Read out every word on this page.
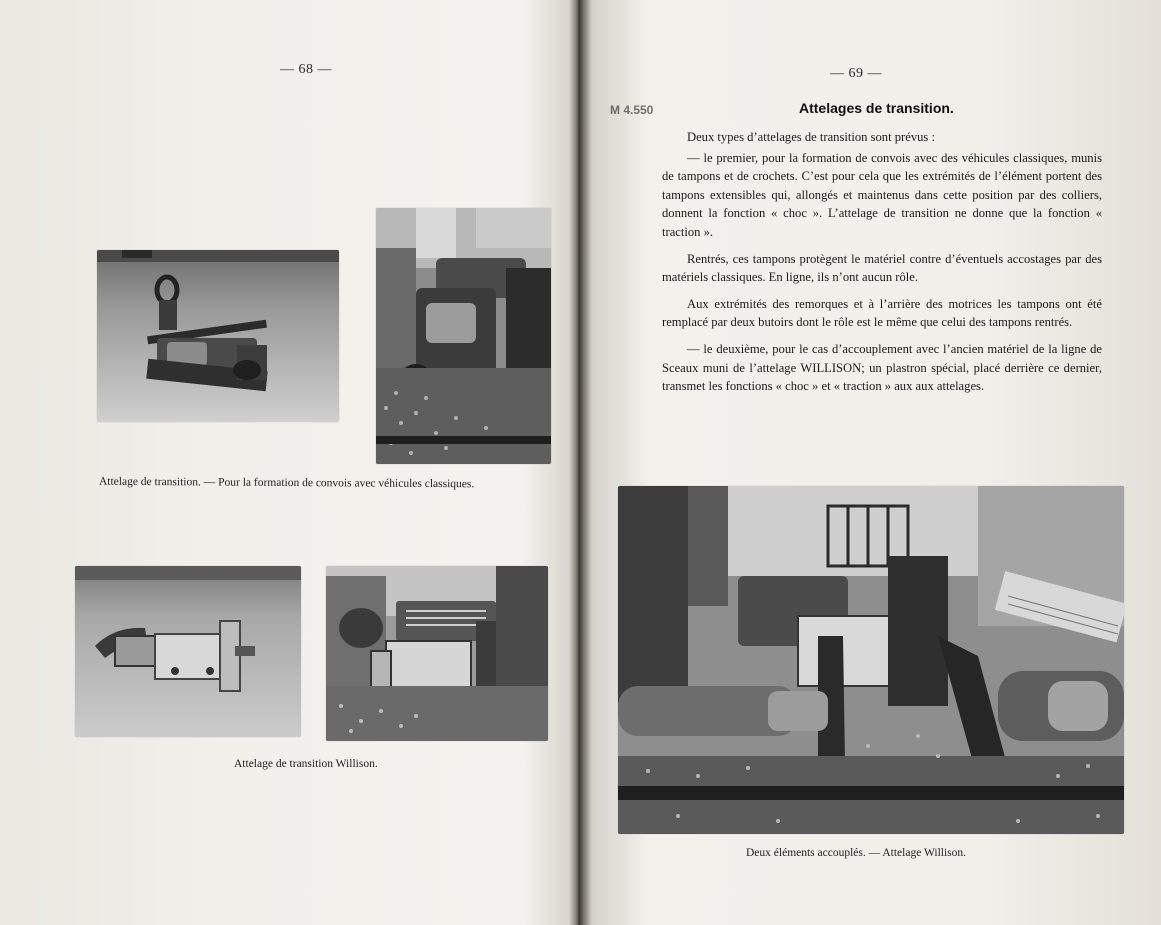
— 68 —
Attelage de transition. — Pour la formation de convois avec véhicules classiques.
Attelage de transition Willison.
— 69 —
M 4.550	Attelages de transition.

Deux types d’attelages de transition sont prévus :

— le premier, pour la formation de convois avec des véhicules classiques, munis de tampons et de crochets. C’est pour cela que les extrémités de l’élément portent des tampons extensibles qui, allongés et maintenus dans cette position par des colliers, donnent la fonction « choc ». L’attelage de transition ne donne que la fonction « traction ».

Rentrés, ces tampons protègent le matériel contre d’éventuels accostages par des matériels classiques. En ligne, ils n’ont aucun rôle.

Aux extrémités des remorques et à l’arrière des motrices les tampons ont été remplacé par deux butoirs dont le rôle est le même que celui des tampons rentrés.

— le deuxième, pour le cas d’accouplement avec l’ancien matériel de la ligne de Sceaux muni de l’attelage WILLISON; un plastron spécial, placé derrière ce dernier, transmet les fonctions « choc » et « traction » aux aux attelages.

Deux éléments accouplés. — Attelage Willison.
